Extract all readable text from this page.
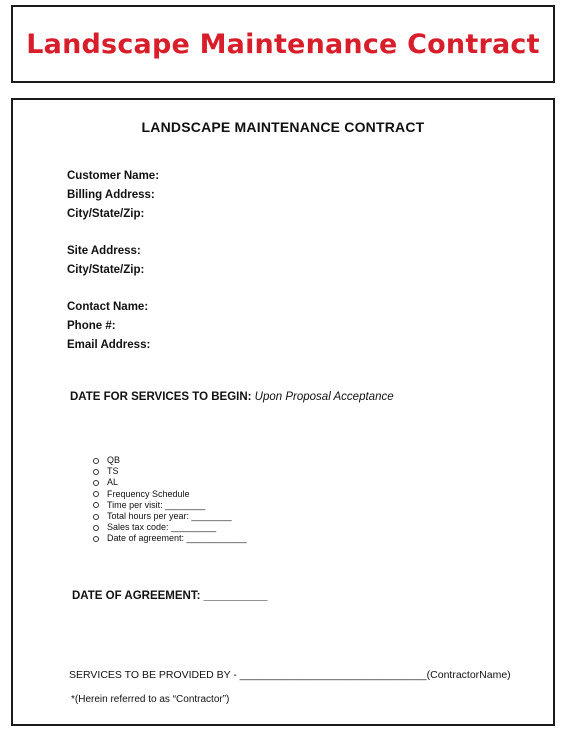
Landscape Maintenance Contract
LANDSCAPE MAINTENANCE CONTRACT
Customer Name:
Billing Address:
City/State/Zip:
Site Address:
City/State/Zip:
Contact Name:
Phone #:
Email Address:
DATE FOR SERVICES TO BEGIN: Upon Proposal Acceptance
QB
TS
AL
Frequency Schedule
Time per visit: ________
Total hours per year: ________
Sales tax code: _________
Date of agreement: ____________
DATE OF AGREEMENT: __________
SERVICES TO BE PROVIDED BY - ________________________________(ContractorName)
*(Herein referred to as “Contractor”)
